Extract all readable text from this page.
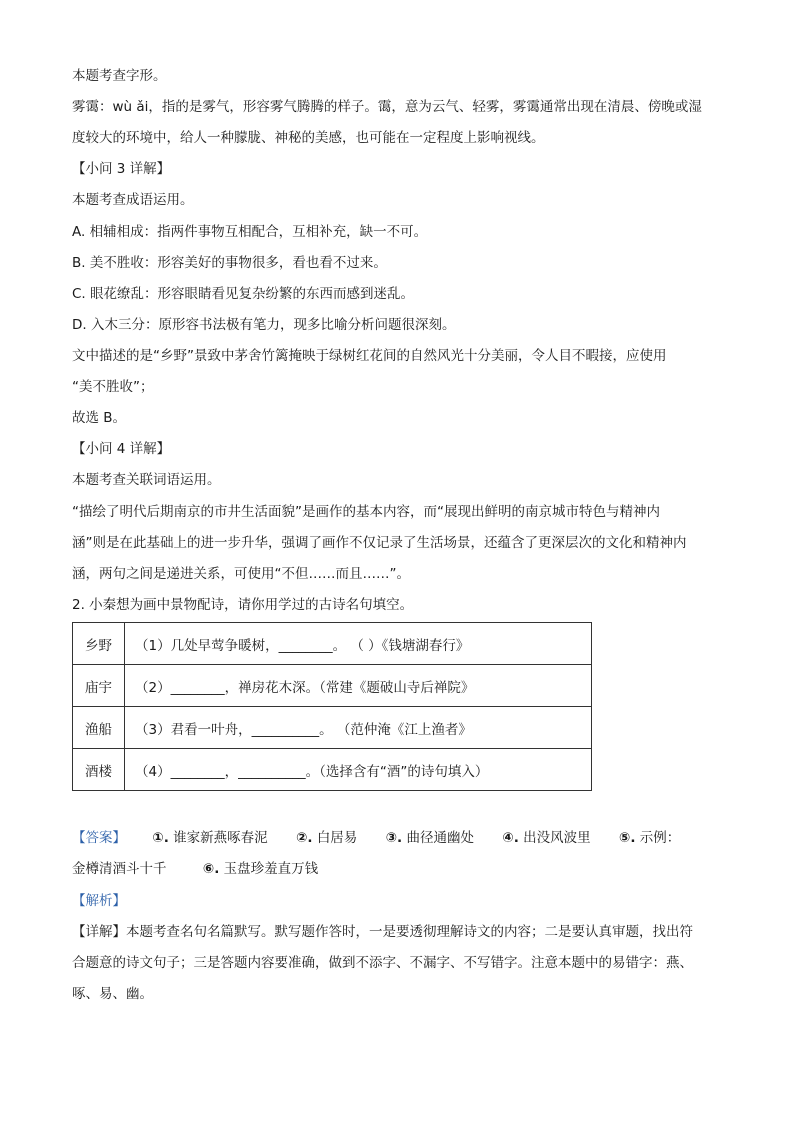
本题考查字形。
雾霭：wù ǎi，指的是雾气，形容雾气腾腾的样子。霭，意为云气、轻雾，雾霭通常出现在清晨、傍晚或湿
度较大的环境中，给人一种朦胧、神秘的美感，也可能在一定程度上影响视线。
【小问 3 详解】
本题考查成语运用。
A. 相辅相成：指两件事物互相配合，互相补充，缺一不可。
B. 美不胜收：形容美好的事物很多，看也看不过来。
C. 眼花缭乱：形容眼睛看见复杂纷繁的东西而感到迷乱。
D. 入木三分：原形容书法极有笔力，现多比喻分析问题很深刻。
文中描述的是“乡野”景致中茅舍竹篱掩映于绿树红花间的自然风光十分美丽，令人目不暇接，应使用
“美不胜收”；
故选 B。
【小问 4 详解】
本题考查关联词语运用。
“描绘了明代后期南京的市井生活面貌”是画作的基本内容，而“展现出鲜明的南京城市特色与精神内
涵”则是在此基础上的进一步升华，强调了画作不仅记录了生活场景，还蕴含了更深层次的文化和精神内
涵，两句之间是递进关系，可使用“不但……而且……”。
2. 小秦想为画中景物配诗，请你用学过的古诗名句填空。
乡野	（1）几处早莺争暖树，________。 （ ）《钱塘湖春行》
庙宇	（2）________，禅房花木深。（常建《题破山寺后禅院》
渔船	（3）君看一叶舟，__________。 （范仲淹《江上渔者》
酒楼	（4）________，__________。（选择含有“酒”的诗句填入）
【答案】 ①. 谁家新燕啄春泥 ②. 白居易 ③. 曲径通幽处 ④. 出没风波里 ⑤. 示例：
金樽清酒斗十千	⑥. 玉盘珍羞直万钱
【解析】
【详解】本题考查名句名篇默写。默写题作答时，一是要透彻理解诗文的内容；二是要认真审题，找出符
合题意的诗文句子；三是答题内容要准确，做到不添字、不漏字、不写错字。注意本题中的易错字：燕、
啄、易、幽。
